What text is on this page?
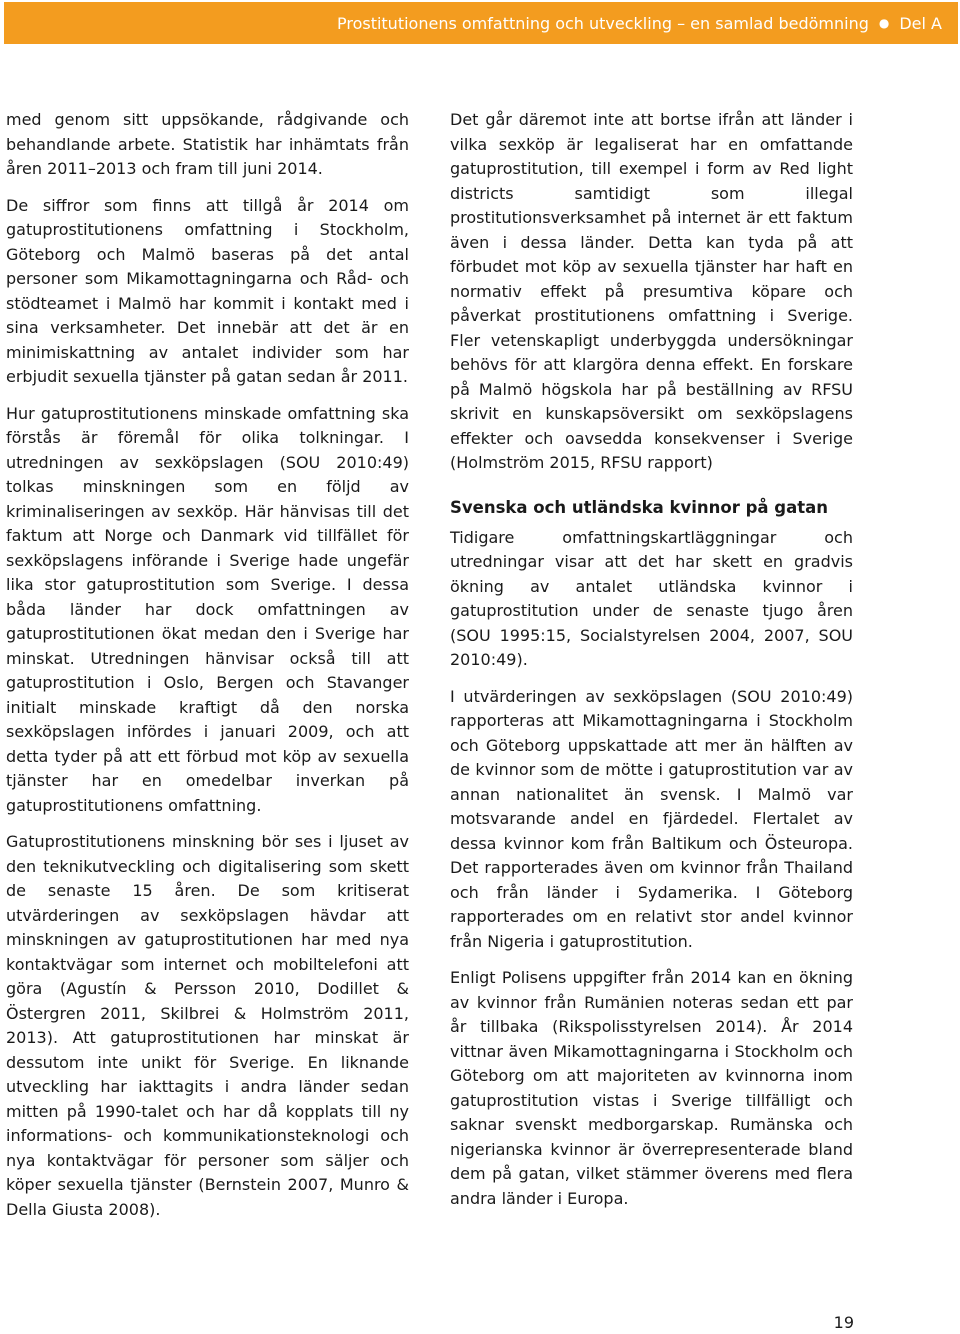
Prostitutionens omfattning och utveckling – en samlad bedömning ● Del A

med genom sitt uppsökande, rådgivande och behandlande arbete. Statistik har inhämtats från åren 2011–2013 och fram till juni 2014.

De siffror som finns att tillgå år 2014 om gatuprostitutionens omfattning i Stockholm, Göteborg och Malmö baseras på det antal personer som Mikamottagningarna och Råd- och stödteamet i Malmö har kommit i kontakt med i sina verksamheter. Det innebär att det är en minimiskattning av antalet individer som har erbjudit sexuella tjänster på gatan sedan år 2011.

Hur gatuprostitutionens minskade omfattning ska förstås är föremål för olika tolkningar. I utredningen av sexköpslagen (SOU 2010:49) tolkas minskningen som en följd av kriminaliseringen av sexköp. Här hänvisas till det faktum att Norge och Danmark vid tillfället för sexköpslagens införande i Sverige hade ungefär lika stor gatuprostitution som Sverige. I dessa båda länder har dock omfattningen av gatuprostitutionen ökat medan den i Sverige har minskat. Utredningen hänvisar också till att gatuprostitution i Oslo, Bergen och Stavanger initialt minskade kraftigt då den norska sexköpslagen infördes i januari 2009, och att detta tyder på att ett förbud mot köp av sexuella tjänster har en omedelbar inverkan på gatuprostitutionens omfattning.

Gatuprostitutionens minskning bör ses i ljuset av den teknikutveckling och digitalisering som skett de senaste 15 åren. De som kritiserat utvärderingen av sexköpslagen hävdar att minskningen av gatuprostitutionen har med nya kontaktvägar som internet och mobiltelefoni att göra (Agustín & Persson 2010, Dodillet & Östergren 2011, Skilbrei & Holmström 2011, 2013). Att gatuprostitutionen har minskat är dessutom inte unikt för Sverige. En liknande utveckling har iakttagits i andra länder sedan mitten på 1990-talet och har då kopplats till ny informations- och kommunikationsteknologi och nya kontaktvägar för personer som säljer och köper sexuella tjänster (Bernstein 2007, Munro & Della Giusta 2008).

Det går däremot inte att bortse ifrån att länder i vilka sexköp är legaliserat har en omfattande gatuprostitution, till exempel i form av Red light districts samtidigt som illegal prostitutionsverksamhet på internet är ett faktum även i dessa länder. Detta kan tyda på att förbudet mot köp av sexuella tjänster har haft en normativ effekt på presumtiva köpare och påverkat prostitutionens omfattning i Sverige. Fler vetenskapligt underbyggda undersökningar behövs för att klargöra denna effekt. En forskare på Malmö högskola har på beställning av RFSU skrivit en kunskapsöversikt om sexköpslagens effekter och oavsedda konsekvenser i Sverige (Holmström 2015, RFSU rapport)

Svenska och utländska kvinnor på gatan

Tidigare omfattningskartläggningar och utredningar visar att det har skett en gradvis ökning av antalet utländska kvinnor i gatuprostitution under de senaste tjugo åren (SOU 1995:15, Socialstyrelsen 2004, 2007, SOU 2010:49).

I utvärderingen av sexköpslagen (SOU 2010:49) rapporteras att Mikamottagningarna i Stockholm och Göteborg uppskattade att mer än hälften av de kvinnor som de mötte i gatuprostitution var av annan nationalitet än svensk. I Malmö var motsvarande andel en fjärdedel. Flertalet av dessa kvinnor kom från Baltikum och Östeuropa. Det rapporterades även om kvinnor från Thailand och från länder i Sydamerika. I Göteborg rapporterades om en relativt stor andel kvinnor från Nigeria i gatuprostitution.

Enligt Polisens uppgifter från 2014 kan en ökning av kvinnor från Rumänien noteras sedan ett par år tillbaka (Rikspolisstyrelsen 2014). År 2014 vittnar även Mikamottagningarna i Stockholm och Göteborg om att majoriteten av kvinnorna inom gatuprostitution vistas i Sverige tillfälligt och saknar svenskt medborgarskap. Rumänska och nigerianska kvinnor är överrepresenterade bland dem på gatan, vilket stämmer överens med flera andra länder i Europa.

19
